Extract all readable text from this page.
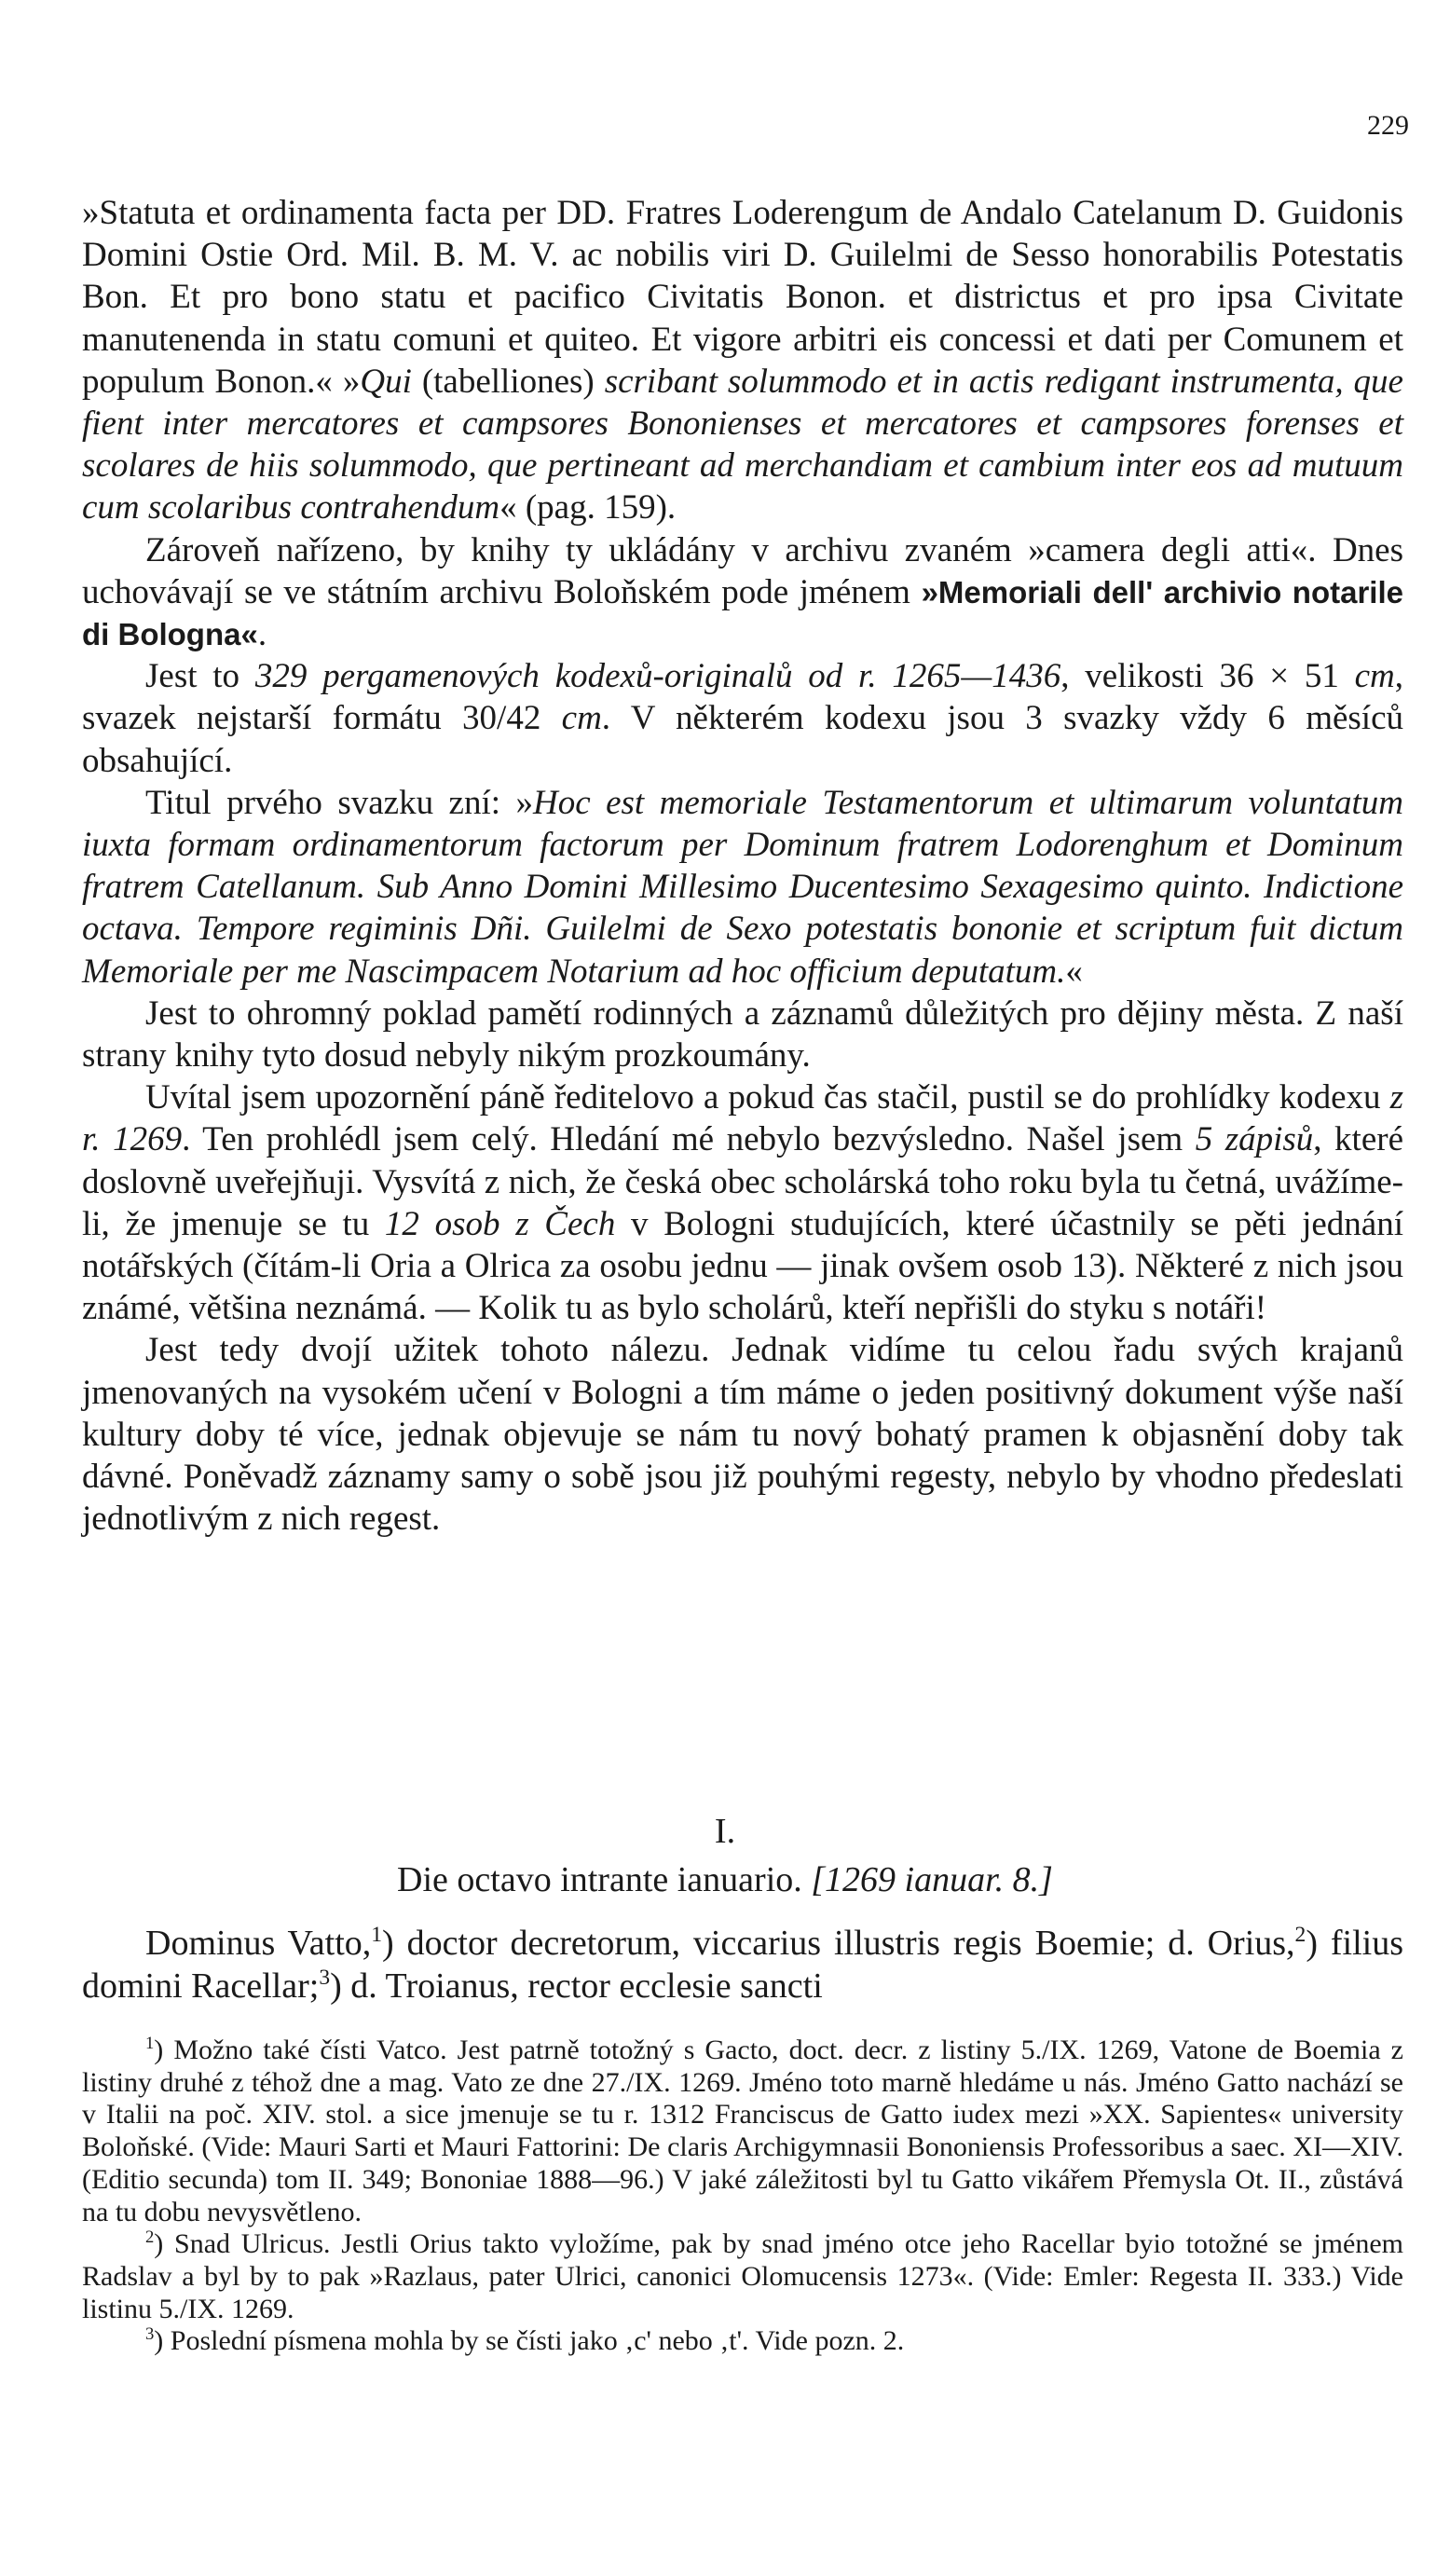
229

»Statuta et ordinamenta facta per DD. Fratres Loderengum de Andalo Catelanum D. Guidonis Domini Ostie Ord. Mil. B. M. V. ac nobilis viri D. Guilelmi de Sesso honorabilis Potestatis Bon. Et pro bono statu et pacifico Civitatis Bonon. et districtus et pro ipsa Civitate manutenenda in statu comuni et quiteo. Et vigore arbitri eis concessi et dati per Comunem et populum Bonon.« »Qui (tabelliones) scribant solummodo et in actis redigant instrumenta, que fient inter mercatores et campsores Bononienses et mercatores et campsores forenses et scolares de hiis solummodo, que pertineant ad merchandiam et cambium inter eos ad mutuum cum scolaribus contrahendum« (pag. 159).

Zároveň nařízeno, by knihy ty ukládány v archivu zvaném »camera degli atti«. Dnes uchovávají se ve státním archivu Boloňském pode jménem »Memoriali dell' archivio notarile di Bologna«.

Jest to 329 pergamenových kodexů-originalů od r. 1265—1436, velikosti 36 × 51 cm, svazek nejstarší formátu 30/42 cm. V některém kodexu jsou 3 svazky vždy 6 měsíců obsahující.

Titul prvého svazku zní: »Hoc est memoriale Testamentorum et ultimarum voluntatum iuxta formam ordinamentorum factorum per Dominum fratrem Lodorenghum et Dominum fratrem Catellanum. Sub Anno Domini Millesimo Ducentesimo Sexagesimo quinto. Indictione octava. Tempore regiminis Dñi. Guilelmi de Sexo potestatis bononie et scriptum fuit dictum Memoriale per me Nascimpacem Notarium ad hoc officium deputatum.«

Jest to ohromný poklad pamětí rodinných a záznamů důležitých pro dějiny města. Z naší strany knihy tyto dosud nebyly nikým prozkoumány.

Uvítal jsem upozornění páně ředitelovo a pokud čas stačil, pustil se do prohlídky kodexu z r. 1269. Ten prohlédl jsem celý. Hledání mé nebylo bezvýsledno. Našel jsem 5 zápisů, které doslovně uveřejňuji. Vysvítá z nich, že česká obec scholárská toho roku byla tu četná, uvážíme-li, že jmenuje se tu 12 osob z Čech v Bologni studujících, které účastnily se pěti jednání notářských (čítám-li Oria a Olrica za osobu jednu — jinak ovšem osob 13). Některé z nich jsou známé, většina neznámá. — Kolik tu as bylo scholárů, kteří nepřišli do styku s notáři!

Jest tedy dvojí užitek tohoto nálezu. Jednak vidíme tu celou řadu svých krajanů jmenovaných na vysokém učení v Bologni a tím máme o jeden positivný dokument výše naší kultury doby té více, jednak objevuje se nám tu nový bohatý pramen k objasnění doby tak dávné. Poněvadž záznamy samy o sobě jsou již pouhými regesty, nebylo by vhodno předeslati jednotlivým z nich regest.

I.
Die octavo intrante ianuario. [1269 ianuar. 8.]

Dominus Vatto,$^1$) doctor decretorum, viccarius illustris regis Boemie; d. Orius,$^2$) filius domini Racellar;$^3$) d. Troianus, rector ecclesie sancti

$^1$) Možno také čísti Vatco. Jest patrně totožný s Gacto, doct. decr. z listiny 5./IX. 1269, Vatone de Boemia z listiny druhé z téhož dne a mag. Vato ze dne 27./IX. 1269. Jméno toto marně hledáme u nás. Jméno Gatto nachází se v Italii na poč. XIV. stol. a sice jmenuje se tu r. 1312 Franciscus de Gatto iudex mezi »XX. Sapientes« university Boloňské. (Vide: Mauri Sarti et Mauri Fattorini: De claris Archigymnasii Bononiensis Professoribus a saec. XI—XIV. (Editio secunda) tom II. 349; Bononiae 1888—96.) V jaké záležitosti byl tu Gatto vikářem Přemysla Ot. II., zůstává na tu dobu nevysvětleno.

$^2$) Snad Ulricus. Jestli Orius takto vyložíme, pak by snad jméno otce jeho Racellar byio totožné se jménem Radslav a byl by to pak »Razlaus, pater Ulrici, canonici Olomucensis 1273«. (Vide: Emler: Regesta II. 333.) Vide listinu 5./IX. 1269.

$^3$) Poslední písmena mohla by se čísti jako ‚c' nebo ‚t'. Vide pozn. 2.
